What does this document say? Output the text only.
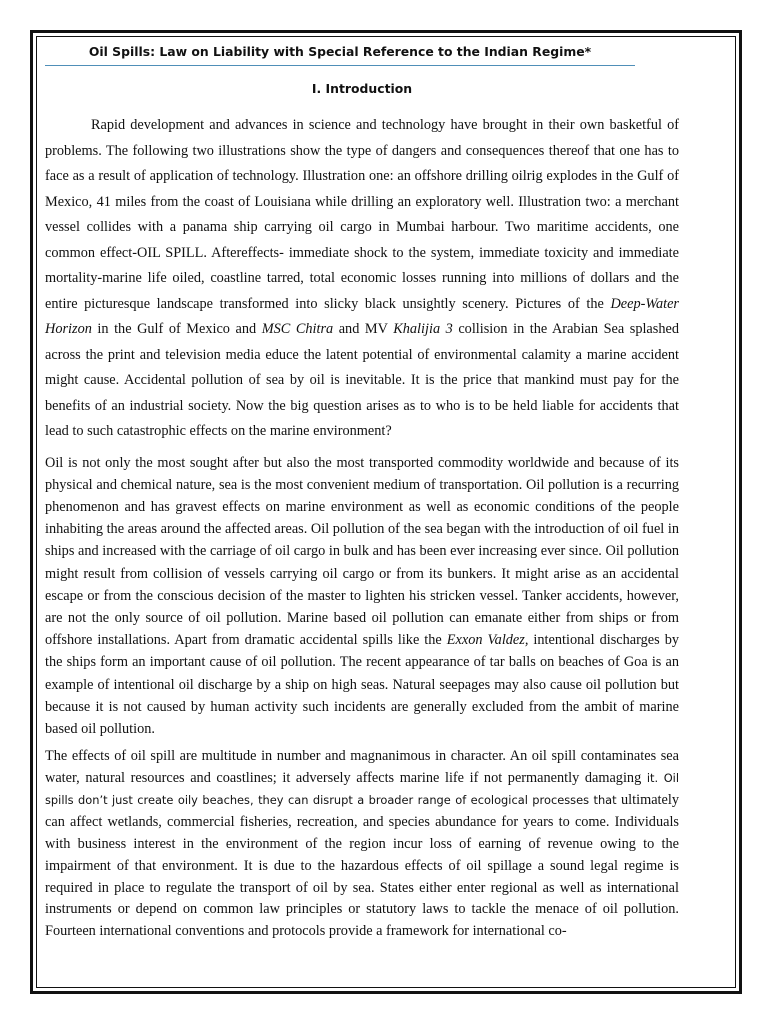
Oil Spills: Law on Liability with Special Reference to the Indian Regime*

I. Introduction

Rapid development and advances in science and technology have brought in their own basketful of problems. The following two illustrations show the type of dangers and consequences thereof that one has to face as a result of application of technology. Illustration one: an offshore drilling oilrig explodes in the Gulf of Mexico, 41 miles from the coast of Louisiana while drilling an exploratory well. Illustration two: a merchant vessel collides with a panama ship carrying oil cargo in Mumbai harbour. Two maritime accidents, one common effect-OIL SPILL. Aftereffects- immediate shock to the system, immediate toxicity and immediate mortality-marine life oiled, coastline tarred, total economic losses running into millions of dollars and the entire picturesque landscape transformed into slicky black unsightly scenery. Pictures of the Deep-Water Horizon in the Gulf of Mexico and MSC Chitra and MV Khalijia 3 collision in the Arabian Sea splashed across the print and television media educe the latent potential of environmental calamity a marine accident might cause. Accidental pollution of sea by oil is inevitable. It is the price that mankind must pay for the benefits of an industrial society. Now the big question arises as to who is to be held liable for accidents that lead to such catastrophic effects on the marine environment?

Oil is not only the most sought after but also the most transported commodity worldwide and because of its physical and chemical nature, sea is the most convenient medium of transportation. Oil pollution is a recurring phenomenon and has gravest effects on marine environment as well as economic conditions of the people inhabiting the areas around the affected areas. Oil pollution of the sea began with the introduction of oil fuel in ships and increased with the carriage of oil cargo in bulk and has been ever increasing ever since. Oil pollution might result from collision of vessels carrying oil cargo or from its bunkers. It might arise as an accidental escape or from the conscious decision of the master to lighten his stricken vessel. Tanker accidents, however, are not the only source of oil pollution. Marine based oil pollution can emanate either from ships or from offshore installations. Apart from dramatic accidental spills like the Exxon Valdez, intentional discharges by the ships form an important cause of oil pollution. The recent appearance of tar balls on beaches of Goa is an example of intentional oil discharge by a ship on high seas. Natural seepages may also cause oil pollution but because it is not caused by human activity such incidents are generally excluded from the ambit of marine based oil pollution.

The effects of oil spill are multitude in number and magnanimous in character. An oil spill contaminates sea water, natural resources and coastlines; it adversely affects marine life if not permanently damaging it. Oil spills don’t just create oily beaches, they can disrupt a broader range of ecological processes that ultimately can affect wetlands, commercial fisheries, recreation, and species abundance for years to come. Individuals with business interest in the environment of the region incur loss of earning of revenue owing to the impairment of that environment. It is due to the hazardous effects of oil spillage a sound legal regime is required in place to regulate the transport of oil by sea. States either enter regional as well as international instruments or depend on common law principles or statutory laws to tackle the menace of oil pollution. Fourteen international conventions and protocols provide a framework for international co-
